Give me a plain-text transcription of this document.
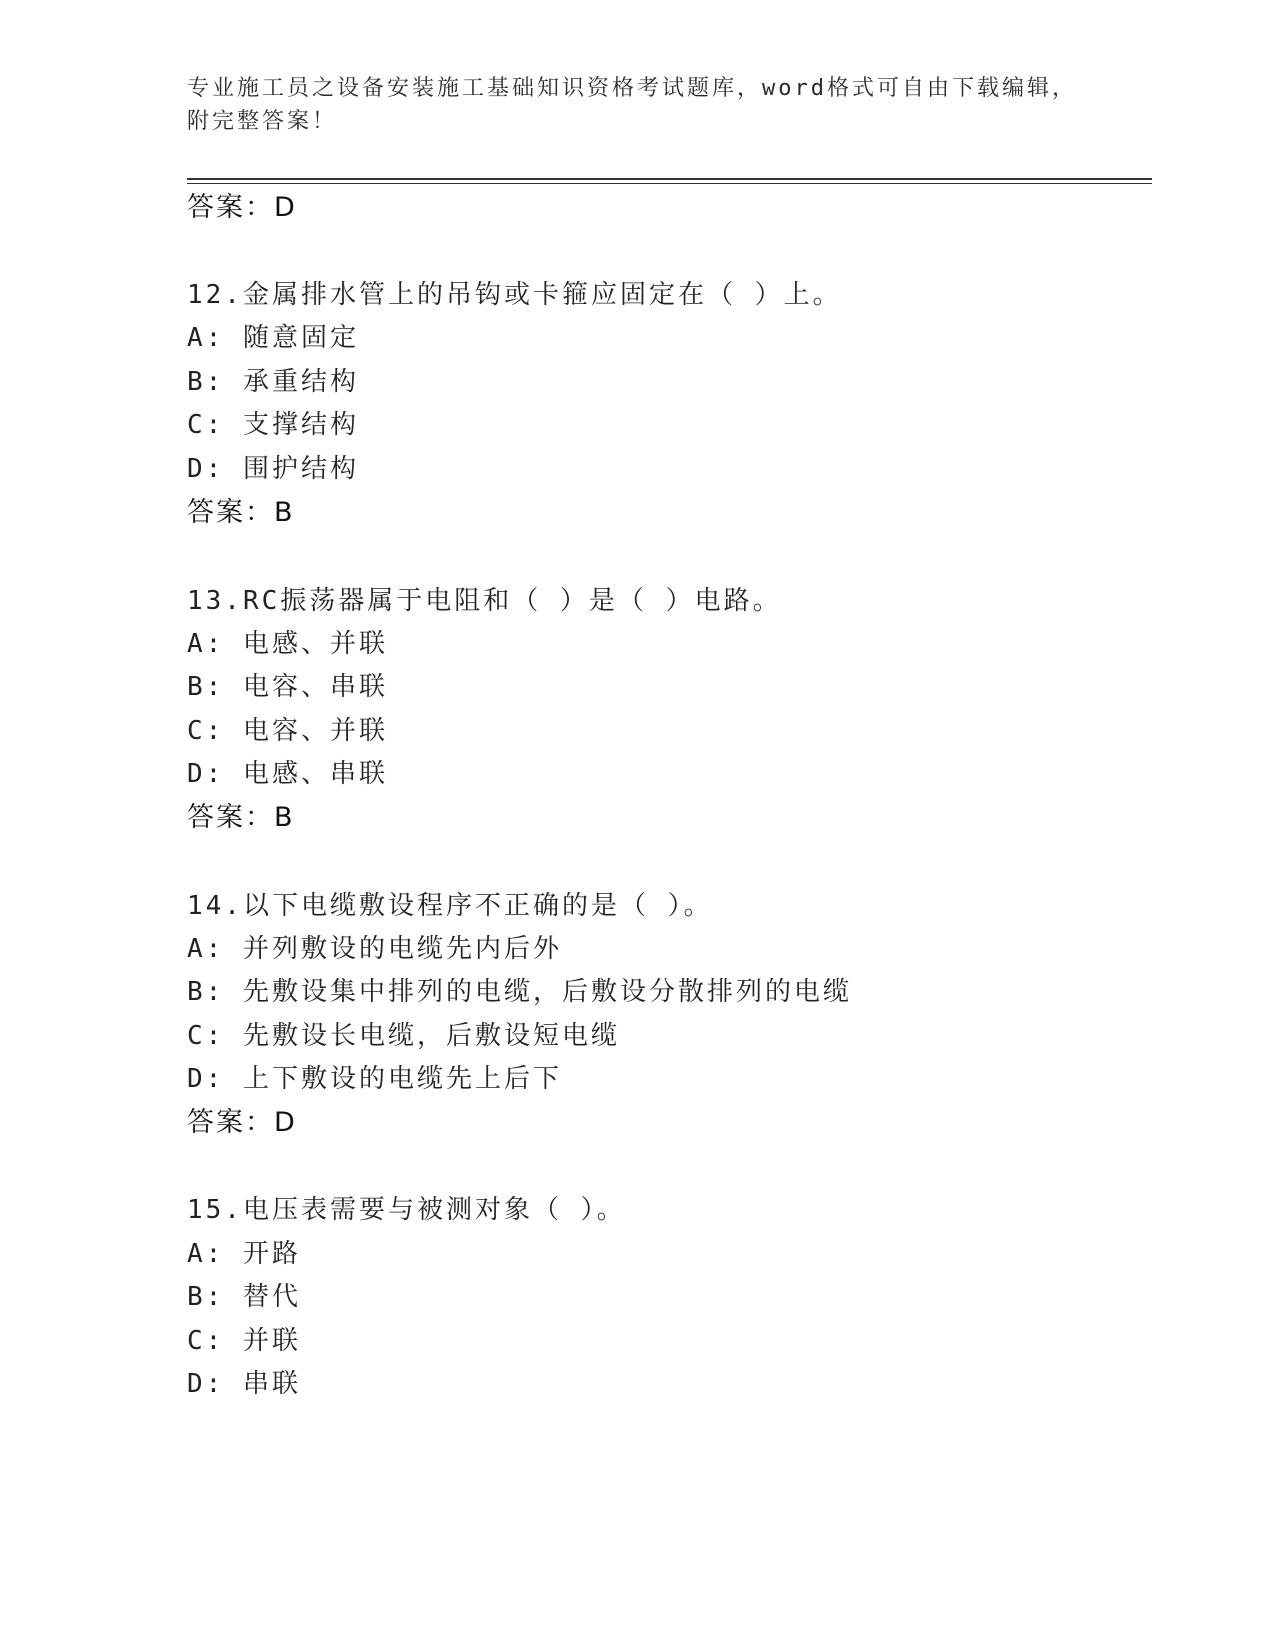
专业施工员之设备安装施工基础知识资格考试题库，word格式可自由下载编辑，
附完整答案！
答案：D
12.金属排水管上的吊钩或卡箍应固定在（ ）上。
A: 随意固定
B: 承重结构
C: 支撑结构
D: 围护结构
答案：B
13.RC振荡器属于电阻和（ ）是（ ）电路。
A: 电感、并联
B: 电容、串联
C: 电容、并联
D: 电感、串联
答案：B
14.以下电缆敷设程序不正确的是（ ）。
A: 并列敷设的电缆先内后外
B: 先敷设集中排列的电缆，后敷设分散排列的电缆
C: 先敷设长电缆，后敷设短电缆
D: 上下敷设的电缆先上后下
答案：D
15.电压表需要与被测对象（ ）。
A: 开路
B: 替代
C: 并联
D: 串联
